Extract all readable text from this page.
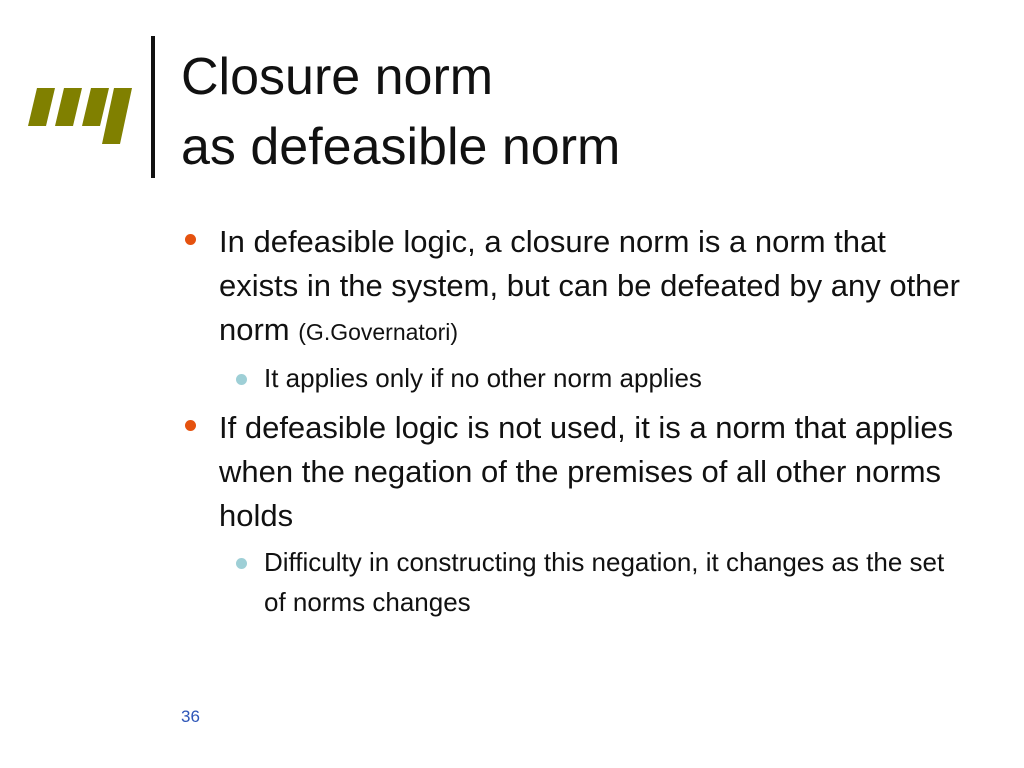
Closure norm
as defeasible norm
In defeasible logic, a closure norm is a norm that exists in the system, but can be defeated by any other norm (G.Governatori)
It applies only if no other norm applies
If defeasible logic is not used, it is a norm that applies when the negation of the premises of all other norms holds
Difficulty in constructing this negation, it changes as the set of norms changes
36
